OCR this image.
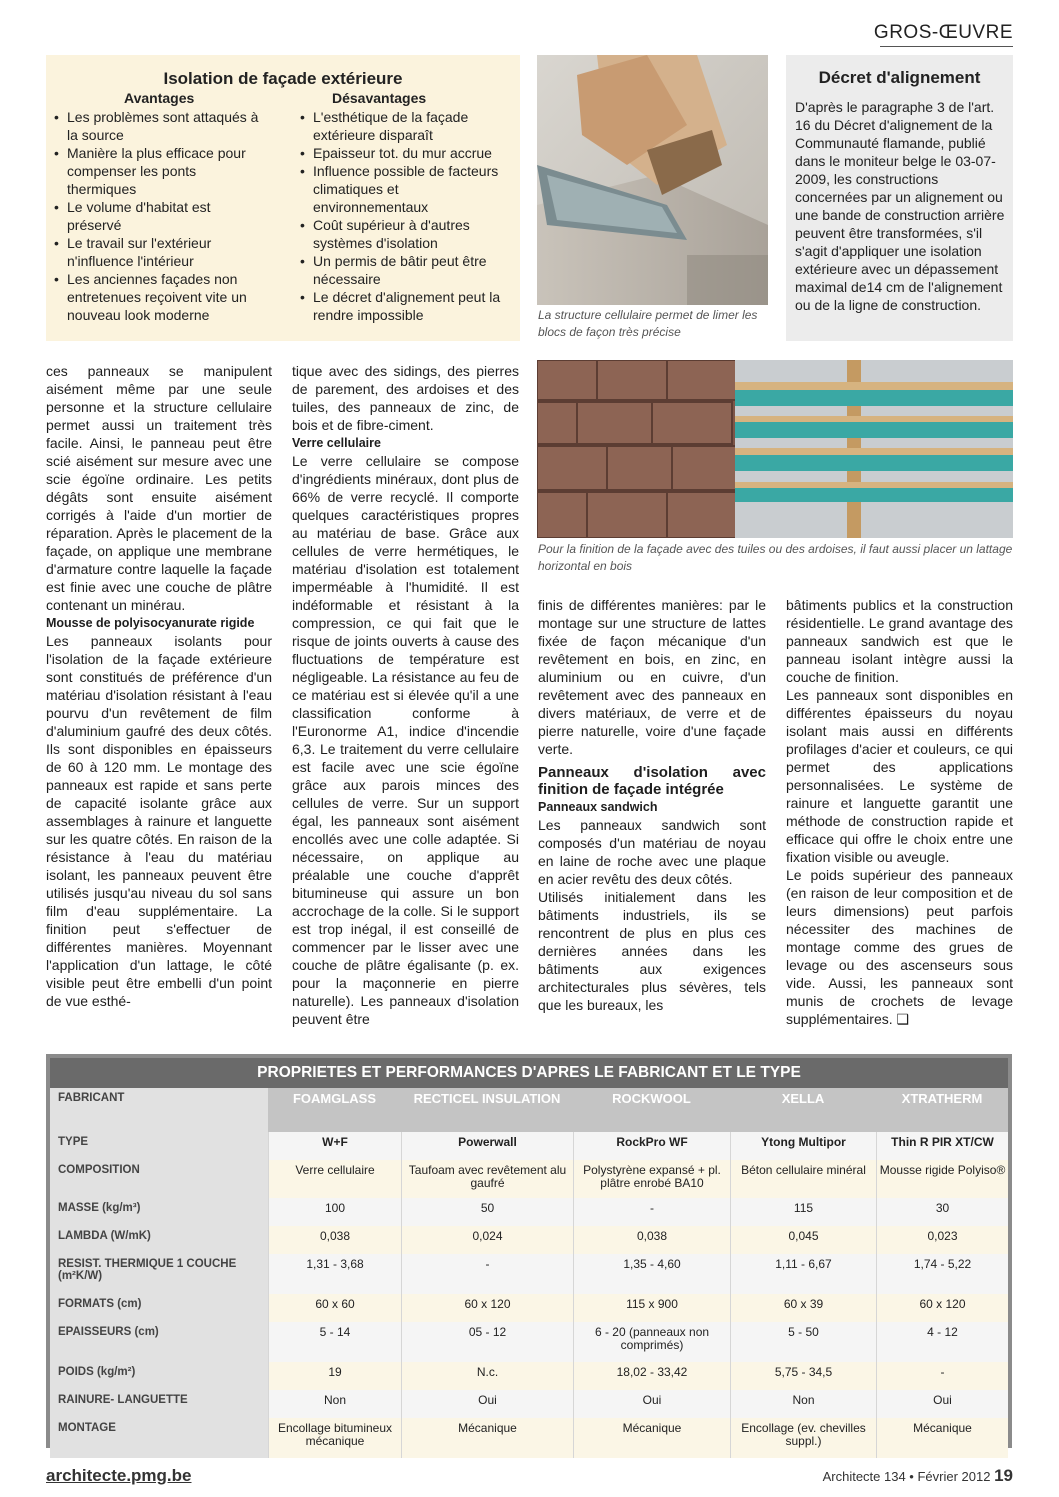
GROS-ŒUVRE
Isolation de façade extérieure
Avantages	Désavantages
• Les problèmes sont attaqués à la source
• Manière la plus efficace pour compenser les ponts thermiques
• Le volume d'habitat est préservé
• Le travail sur l'extérieur n'influence l'intérieur
• Les anciennes façades non entretenues reçoivent vite un nouveau look moderne
• L'esthétique de la façade extérieure disparaît
• Epaisseur tot. du mur accrue
• Influence possible de facteurs climatiques et environnementaux
• Coût supérieur à d'autres systèmes d'isolation
• Un permis de bâtir peut être nécessaire
• Le décret d'alignement peut la rendre impossible	La structure cellulaire permet de limer les blocs de façon très précise
Décret d'alignement
D'après le paragraphe 3 de l'art. 16 du Décret d'alignement de la Communauté flamande, publié dans le moniteur belge le 03-07-2009, les constructions concernées par un alignement ou une bande de construction arrière peuvent être transformées, s'il s'agit d'appliquer une isolation extérieure avec un dépassement maximal de14 cm de l'alignement ou de la ligne de construction.
Pour la finition de la façade avec des tuiles ou des ardoises, il faut aussi placer un lattage horizontal en bois

ces panneaux se manipulent aisément même par une seule personne et la structure cellulaire permet aussi un traitement très facile. Ainsi, le panneau peut être scié aisément sur mesure avec une scie égoïne ordinaire. Les petits dégâts sont ensuite aisément corrigés à l'aide d'un mortier de réparation. Après le placement de la façade, on applique une membrane d'armature contre laquelle la façade est finie avec une couche de plâtre contenant un minérau.

Mousse de polyisocyanurate rigide

Les panneaux isolants pour l'isolation de la façade extérieure sont constitués de préférence d'un matériau d'isolation résistant à l'eau pourvu d'un revêtement de film d'aluminium gaufré des deux côtés. Ils sont disponibles en épaisseurs de 60 à 120 mm. Le montage des panneaux est rapide et sans perte de capacité isolante grâce aux assemblages à rainure et languette sur les quatre côtés. En raison de la résistance à l'eau du matériau isolant, les panneaux peuvent être utilisés jusqu'au niveau du sol sans film d'eau supplémentaire. La finition peut s'effectuer de différentes manières. Moyennant l'application d'un lattage, le côté visible peut être embelli d'un point de vue esthé-

tique avec des sidings, des pierres de parement, des ardoises et des tuiles, des panneaux de zinc, de bois et de fibre-ciment.

Verre cellulaire

Le verre cellulaire se compose d'ingrédients minéraux, dont plus de 66% de verre recyclé. Il comporte quelques caractéristiques propres au matériau de base. Grâce aux cellules de verre hermétiques, le matériau d'isolation est totalement imperméable à l'humidité. Il est indéformable et résistant à la compression, ce qui fait que le risque de joints ouverts à cause des fluctuations de température est négligeable. La résistance au feu de ce matériau est si élevée qu'il a une classification conforme à l'Euronorme A1, indice d'incendie 6,3. Le traitement du verre cellulaire est facile avec une scie égoïne grâce aux parois minces des cellules de verre. Sur un support égal, les panneaux sont aisément encollés avec une colle adaptée. Si nécessaire, on applique au préalable une couche d'apprêt bitumineuse qui assure un bon accrochage de la colle. Si le support est trop inégal, il est conseillé de commencer par le lisser avec une couche de plâtre égalisante (p. ex. pour la maçonnerie en pierre naturelle). Les panneaux d'isolation peuvent être

finis de différentes manières: par le montage sur une structure de lattes fixée de façon mécanique d'un revêtement en bois, en zinc, en aluminium ou en cuivre, d'un revêtement avec des panneaux en divers matériaux, de verre et de pierre naturelle, voire d'une façade verte.

Panneaux d'isolation avec finition de façade intégrée

Panneaux sandwich

Les panneaux sandwich sont composés d'un matériau de noyau en laine de roche avec une plaque en acier revêtu des deux côtés.

Utilisés initialement dans les bâtiments industriels, ils se rencontrent de plus en plus ces dernières années dans les bâtiments aux exigences architecturales plus sévères, tels que les bureaux, les

bâtiments publics et la construction résidentielle. Le grand avantage des panneaux sandwich est que le panneau isolant intègre aussi la couche de finition.

Les panneaux sont disponibles en différentes épaisseurs du noyau isolant mais aussi en différents profilages d'acier et couleurs, ce qui permet des applications personnalisées. Le système de rainure et languette garantit une méthode de construction rapide et efficace qui offre le choix entre une fixation visible ou aveugle.

Le poids supérieur des panneaux (en raison de leur composition et de leurs dimensions) peut parfois nécessiter des machines de montage comme des grues de levage ou des ascenseurs sous vide. Aussi, les panneaux sont munis de crochets de levage supplémentaires. ❑

PROPRIETES ET PERFORMANCES D'APRES LE FABRICANT ET LE TYPE					
FABRICANT	FOAMGLASS	RECTICEL INSULATION	ROCKWOOL	XELLA	XTRATHERM
TYPE	W+F	Powerwall	RockPro WF	Ytong Multipor	Thin R PIR XT/CW
COMPOSITION	Verre cellulaire	Taufoam avec revêtement alu gaufré	Polystyrène expansé + pl. plâtre enrobé BA10	Béton cellulaire minéral	Mousse rigide Polyiso®
MASSE (kg/m³)	100	50	-	115	30
LAMBDA (W/mK)	0,038	0,024	0,038	0,045	0,023
RESIST. THERMIQUE 1 COUCHE (m²K/W)	1,31 - 3,68	-	1,35 - 4,60	1,11 - 6,67	1,74 - 5,22
FORMATS (cm)	60 x 60	60 x 120	115 x 900	60 x 39	60 x 120
EPAISSEURS (cm)	5 - 14	05 - 12	6 - 20 (panneaux non comprimés)	5 - 50	4 - 12
POIDS (kg/m²)	19	N.c.	18,02 - 33,42	5,75 - 34,5	-
RAINURE- LANGUETTE	Non	Oui	Oui	Non	Oui
MONTAGE	Encollage bitumineux mécanique	Mécanique	Mécanique	Encollage (ev. chevilles suppl.)	Mécanique
architecte.pmg.be	Architecte 134 • Février 2012 19
